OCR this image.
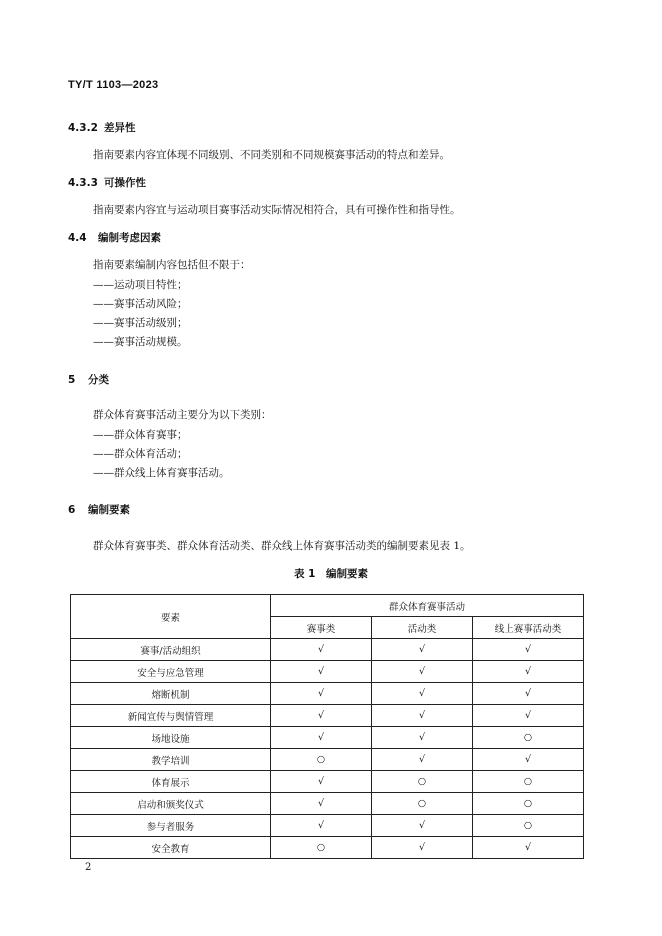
TY/T 1103—2023
4.3.2 差异性
指南要素内容宜体现不同级别、不同类别和不同规模赛事活动的特点和差异。
4.3.3 可操作性
指南要素内容宜与运动项目赛事活动实际情况相符合，具有可操作性和指导性。
4.4 编制考虑因素
指南要素编制内容包括但不限于：
——运动项目特性；
——赛事活动风险；
——赛事活动级别；
——赛事活动规模。
5 分类
群众体育赛事活动主要分为以下类别：
——群众体育赛事；
——群众体育活动；
——群众线上体育赛事活动。
6 编制要素
群众体育赛事类、群众体育活动类、群众线上体育赛事活动类的编制要素见表 1。
表 1　编制要素
要素	群众体育赛事活动		
	赛事类	活动类	线上赛事活动类
赛事/活动组织	√	√	√
安全与应急管理	√	√	√
熔断机制	√	√	√
新闻宣传与舆情管理	√	√	√
场地设施	√	√	○
教学培训	○	√	√
体育展示	√	○	○
启动和颁奖仪式	√	○	○
参与者服务	√	√	○
安全教育	○	√	√
2
